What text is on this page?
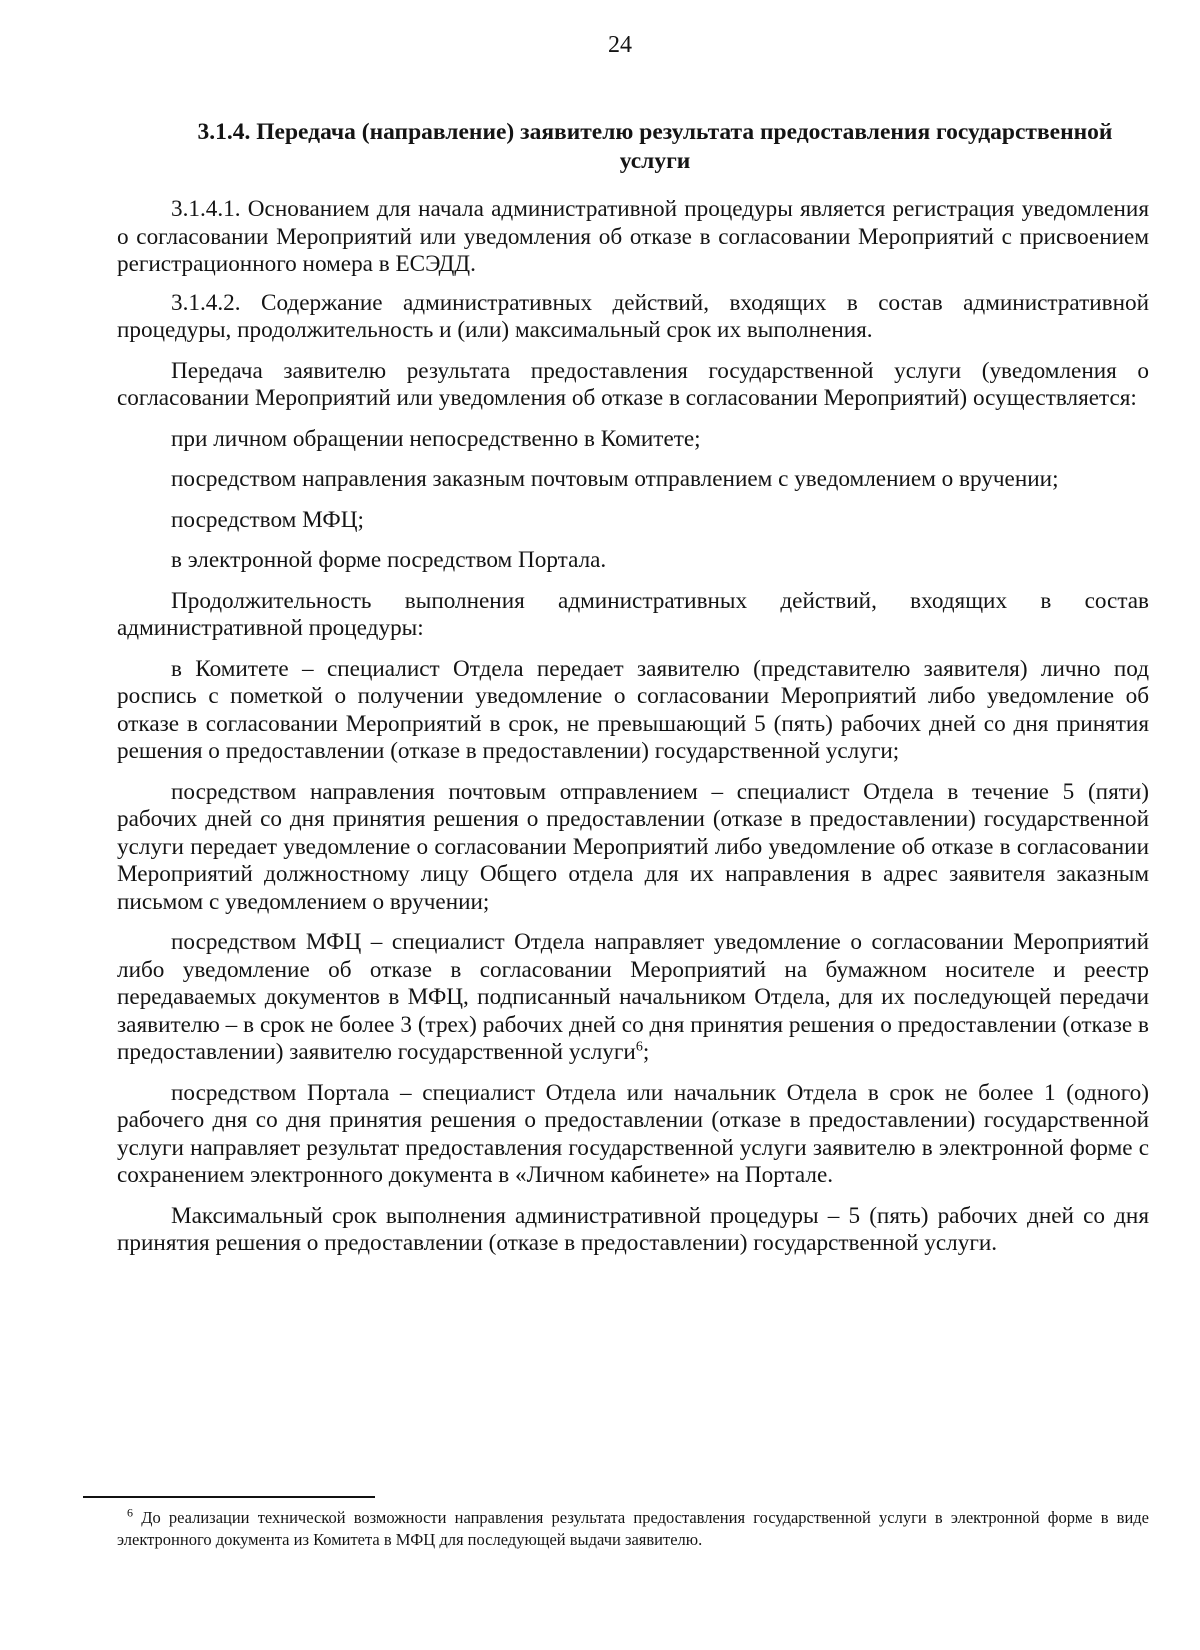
24
3.1.4. Передача (направление) заявителю результата предоставления государственной услуги

3.1.4.1. Основанием для начала административной процедуры является регистрация уведомления о согласовании Мероприятий или уведомления об отказе в согласовании Мероприятий с присвоением регистрационного номера в ЕСЭДД.

3.1.4.2. Содержание административных действий, входящих в состав административной процедуры, продолжительность и (или) максимальный срок их выполнения.

Передача заявителю результата предоставления государственной услуги (уведомления о согласовании Мероприятий или уведомления об отказе в согласовании Мероприятий) осуществляется:

при личном обращении непосредственно в Комитете;

посредством направления заказным почтовым отправлением с уведомлением о вручении;

посредством МФЦ;

в электронной форме посредством Портала.

Продолжительность выполнения административных действий, входящих в состав административной процедуры:

в Комитете – специалист Отдела передает заявителю (представителю заявителя) лично под роспись с пометкой о получении уведомление о согласовании Мероприятий либо уведомление об отказе в согласовании Мероприятий в срок, не превышающий 5 (пять) рабочих дней со дня принятия решения о предоставлении (отказе в предоставлении) государственной услуги;

посредством направления почтовым отправлением – специалист Отдела в течение 5 (пяти) рабочих дней со дня принятия решения о предоставлении (отказе в предоставлении) государственной услуги передает уведомление о согласовании Мероприятий либо уведомление об отказе в согласовании Мероприятий должностному лицу Общего отдела для их направления в адрес заявителя заказным письмом с уведомлением о вручении;

посредством МФЦ – специалист Отдела направляет уведомление о согласовании Мероприятий либо уведомление об отказе в согласовании Мероприятий на бумажном носителе и реестр передаваемых документов в МФЦ, подписанный начальником Отдела, для их последующей передачи заявителю – в срок не более 3 (трех) рабочих дней со дня принятия решения о предоставлении (отказе в предоставлении) заявителю государственной услуги$^6$;

посредством Портала – специалист Отдела или начальник Отдела в срок не более 1 (одного) рабочего дня со дня принятия решения о предоставлении (отказе в предоставлении) государственной услуги направляет результат предоставления государственной услуги заявителю в электронной форме с сохранением электронного документа в «Личном кабинете» на Портале.

Максимальный срок выполнения административной процедуры – 5 (пять) рабочих дней со дня принятия решения о предоставлении (отказе в предоставлении) государственной услуги.

$^6$ До реализации технической возможности направления результата предоставления государственной услуги в электронной форме в виде электронного документа из Комитета в МФЦ для последующей выдачи заявителю.
